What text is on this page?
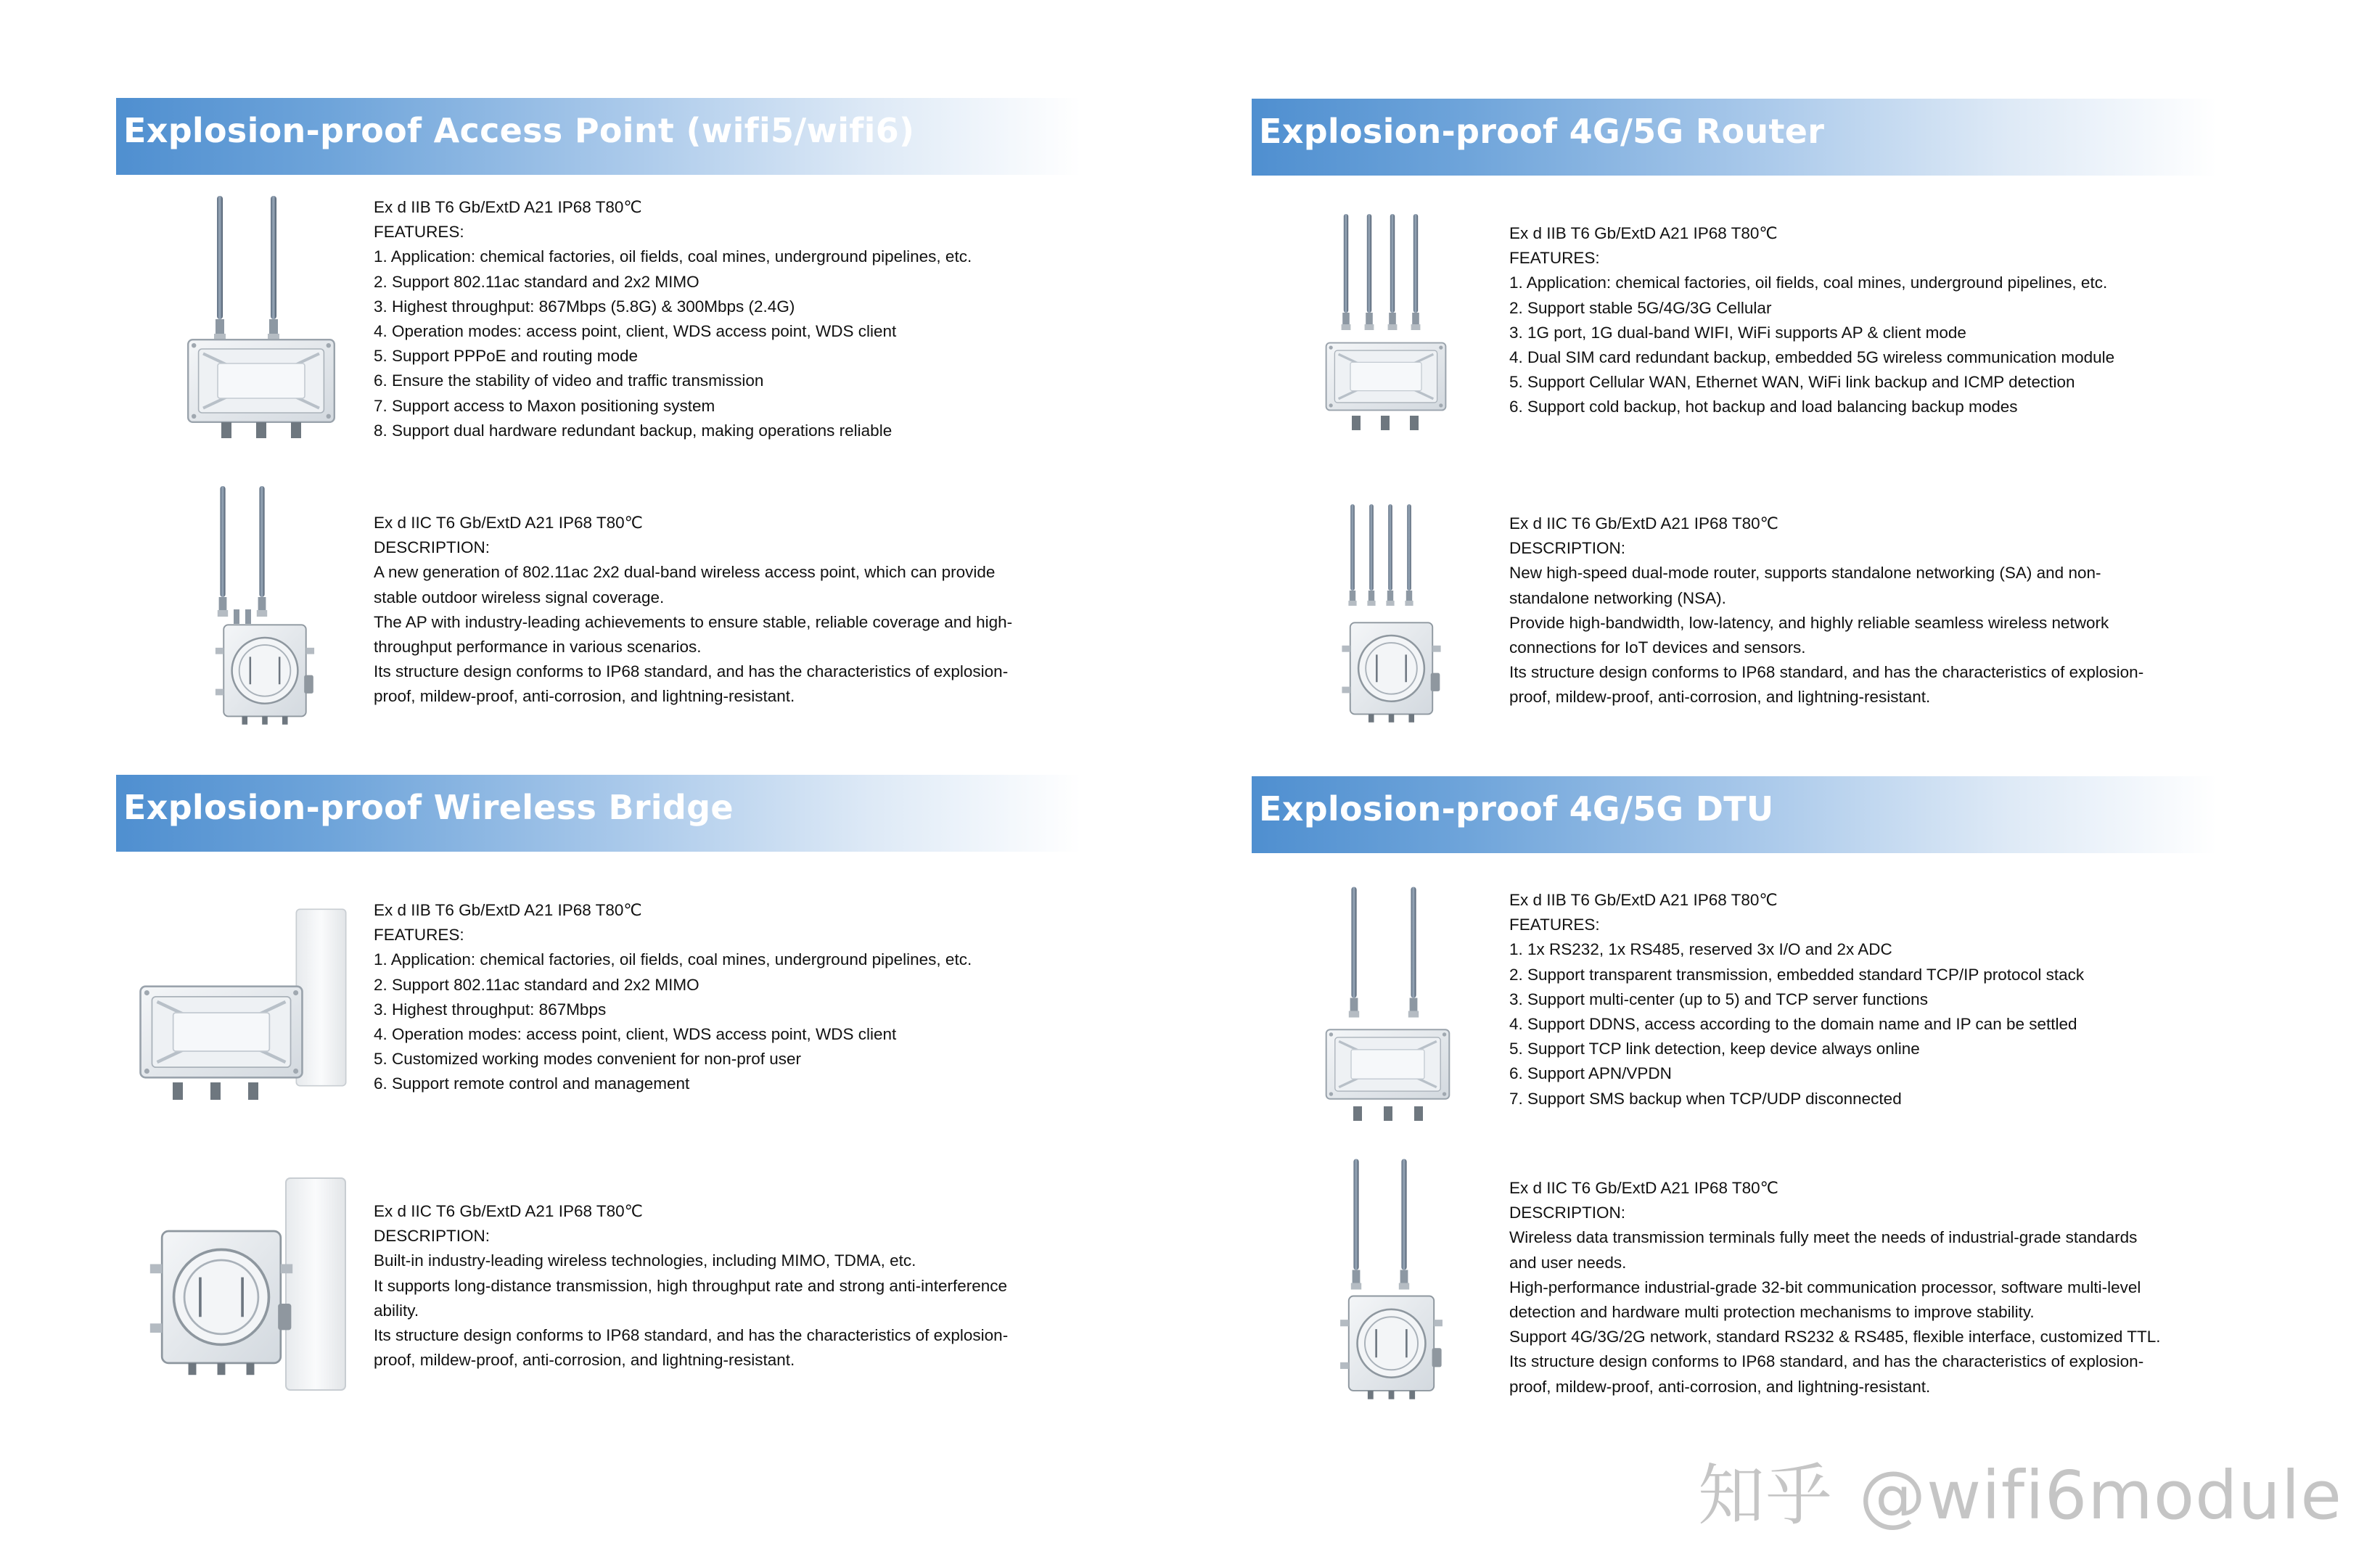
Explosion-proof Access Point (wifi5/wifi6)
Ex d IIB T6 Gb/ExtD A21 IP68 T80℃
FEATURES:
1. Application: chemical factories, oil fields, coal mines, underground pipelines, etc.
2. Support 802.11ac standard and 2x2 MIMO
3. Highest throughput: 867Mbps (5.8G) & 300Mbps (2.4G)
4. Operation modes: access point, client, WDS access point, WDS client
5. Support PPPoE and routing mode
6. Ensure the stability of video and traffic transmission
7. Support access to Maxon positioning system
8. Support dual hardware redundant backup, making operations reliable
Ex d IIC T6 Gb/ExtD A21 IP68 T80℃
DESCRIPTION:
A new generation of 802.11ac 2x2 dual-band wireless access point, which can provide
stable outdoor wireless signal coverage.
The AP with industry-leading achievements to ensure stable, reliable coverage and high-
throughput performance in various scenarios.
Its structure design conforms to IP68 standard, and has the characteristics of explosion-
proof, mildew-proof, anti-corrosion, and lightning-resistant.
Explosion-proof 4G/5G Router
Ex d IIB T6 Gb/ExtD A21 IP68 T80℃
FEATURES:
1. Application: chemical factories, oil fields, coal mines, underground pipelines, etc.
2. Support stable 5G/4G/3G Cellular
3. 1G port, 1G dual-band WIFI, WiFi supports AP & client mode
4. Dual SIM card redundant backup, embedded 5G wireless communication module
5. Support Cellular WAN, Ethernet WAN, WiFi link backup and ICMP detection
6. Support cold backup, hot backup and load balancing backup modes
Ex d IIC T6 Gb/ExtD A21 IP68 T80℃
DESCRIPTION:
New high-speed dual-mode router, supports standalone networking (SA) and non-
standalone networking (NSA).
Provide high-bandwidth, low-latency, and highly reliable seamless wireless network
connections for IoT devices and sensors.
Its structure design conforms to IP68 standard, and has the characteristics of explosion-
proof, mildew-proof, anti-corrosion, and lightning-resistant.
Explosion-proof Wireless Bridge
Ex d IIB T6 Gb/ExtD A21 IP68 T80℃
FEATURES:
1. Application: chemical factories, oil fields, coal mines, underground pipelines, etc.
2. Support 802.11ac standard and 2x2 MIMO
3. Highest throughput: 867Mbps
4. Operation modes: access point, client, WDS access point, WDS client
5. Customized working modes convenient for non-prof user
6. Support remote control and management
Ex d IIC T6 Gb/ExtD A21 IP68 T80℃
DESCRIPTION:
Built-in industry-leading wireless technologies, including MIMO, TDMA, etc.
It supports long-distance transmission, high throughput rate and strong anti-interference
ability.
Its structure design conforms to IP68 standard, and has the characteristics of explosion-
proof, mildew-proof, anti-corrosion, and lightning-resistant.
Explosion-proof 4G/5G DTU
Ex d IIB T6 Gb/ExtD A21 IP68 T80℃
FEATURES:
1. 1x RS232, 1x RS485, reserved 3x I/O and 2x ADC
2. Support transparent transmission, embedded standard TCP/IP protocol stack
3. Support multi-center (up to 5) and TCP server functions
4. Support DDNS, access according to the domain name and IP can be settled
5. Support TCP link detection, keep device always online
6. Support APN/VPDN
7. Support SMS backup when TCP/UDP disconnected
Ex d IIC T6 Gb/ExtD A21 IP68 T80℃
DESCRIPTION:
Wireless data transmission terminals fully meet the needs of industrial-grade standards
and user needs.
High-performance industrial-grade 32-bit communication processor, software multi-level
detection and hardware multi protection mechanisms to improve stability.
Support 4G/3G/2G network, standard RS232 & RS485, flexible interface, customized TTL.
Its structure design conforms to IP68 standard, and has the characteristics of explosion-
proof, mildew-proof, anti-corrosion, and lightning-resistant.
知乎 @wifi6module
